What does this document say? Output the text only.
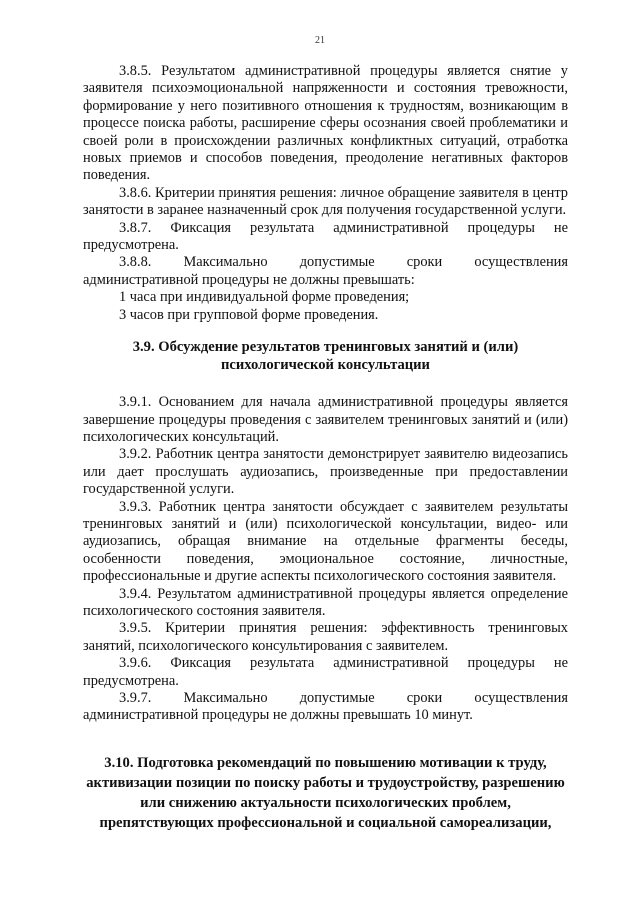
21

3.8.5. Результатом административной процедуры является снятие у заявителя психоэмоциональной напряженности и состояния тревожности, формирование у него позитивного отношения к трудностям, возникающим в процессе поиска работы, расширение сферы осознания своей проблематики и своей роли в происхождении различных конфликтных ситуаций, отработка новых приемов и способов поведения, преодоление негативных факторов поведения.

3.8.6. Критерии принятия решения: личное обращение заявителя в центр занятости в заранее назначенный срок для получения государственной услуги.

3.8.7. Фиксация результата административной процедуры не предусмотрена.

3.8.8. Максимально допустимые сроки осуществления административной процедуры не должны превышать:

1 часа при индивидуальной форме проведения;

3 часов при групповой форме проведения.

3.9. Обсуждение результатов тренинговых занятий и (или) психологической консультации

3.9.1. Основанием для начала административной процедуры является завершение процедуры проведения с заявителем тренинговых занятий и (или) психологических консультаций.

3.9.2. Работник центра занятости демонстрирует заявителю видеозапись или дает прослушать аудиозапись, произведенные при предоставлении государственной услуги.

3.9.3. Работник центра занятости обсуждает с заявителем результаты тренинговых занятий и (или) психологической консультации, видео- или аудиозапись, обращая внимание на отдельные фрагменты беседы, особенности поведения, эмоциональное состояние, личностные, профессиональные и другие аспекты психологического состояния заявителя.

3.9.4. Результатом административной процедуры является определение психологического состояния заявителя.

3.9.5. Критерии принятия решения: эффективность тренинговых занятий, психологического консультирования с заявителем.

3.9.6. Фиксация результата административной процедуры не предусмотрена.

3.9.7. Максимально допустимые сроки осуществления административной процедуры не должны превышать 10 минут.

3.10. Подготовка рекомендаций по повышению мотивации к труду, активизации позиции по поиску работы и трудоустройству, разрешению или снижению актуальности психологических проблем, препятствующих профессиональной и социальной самореализации,
